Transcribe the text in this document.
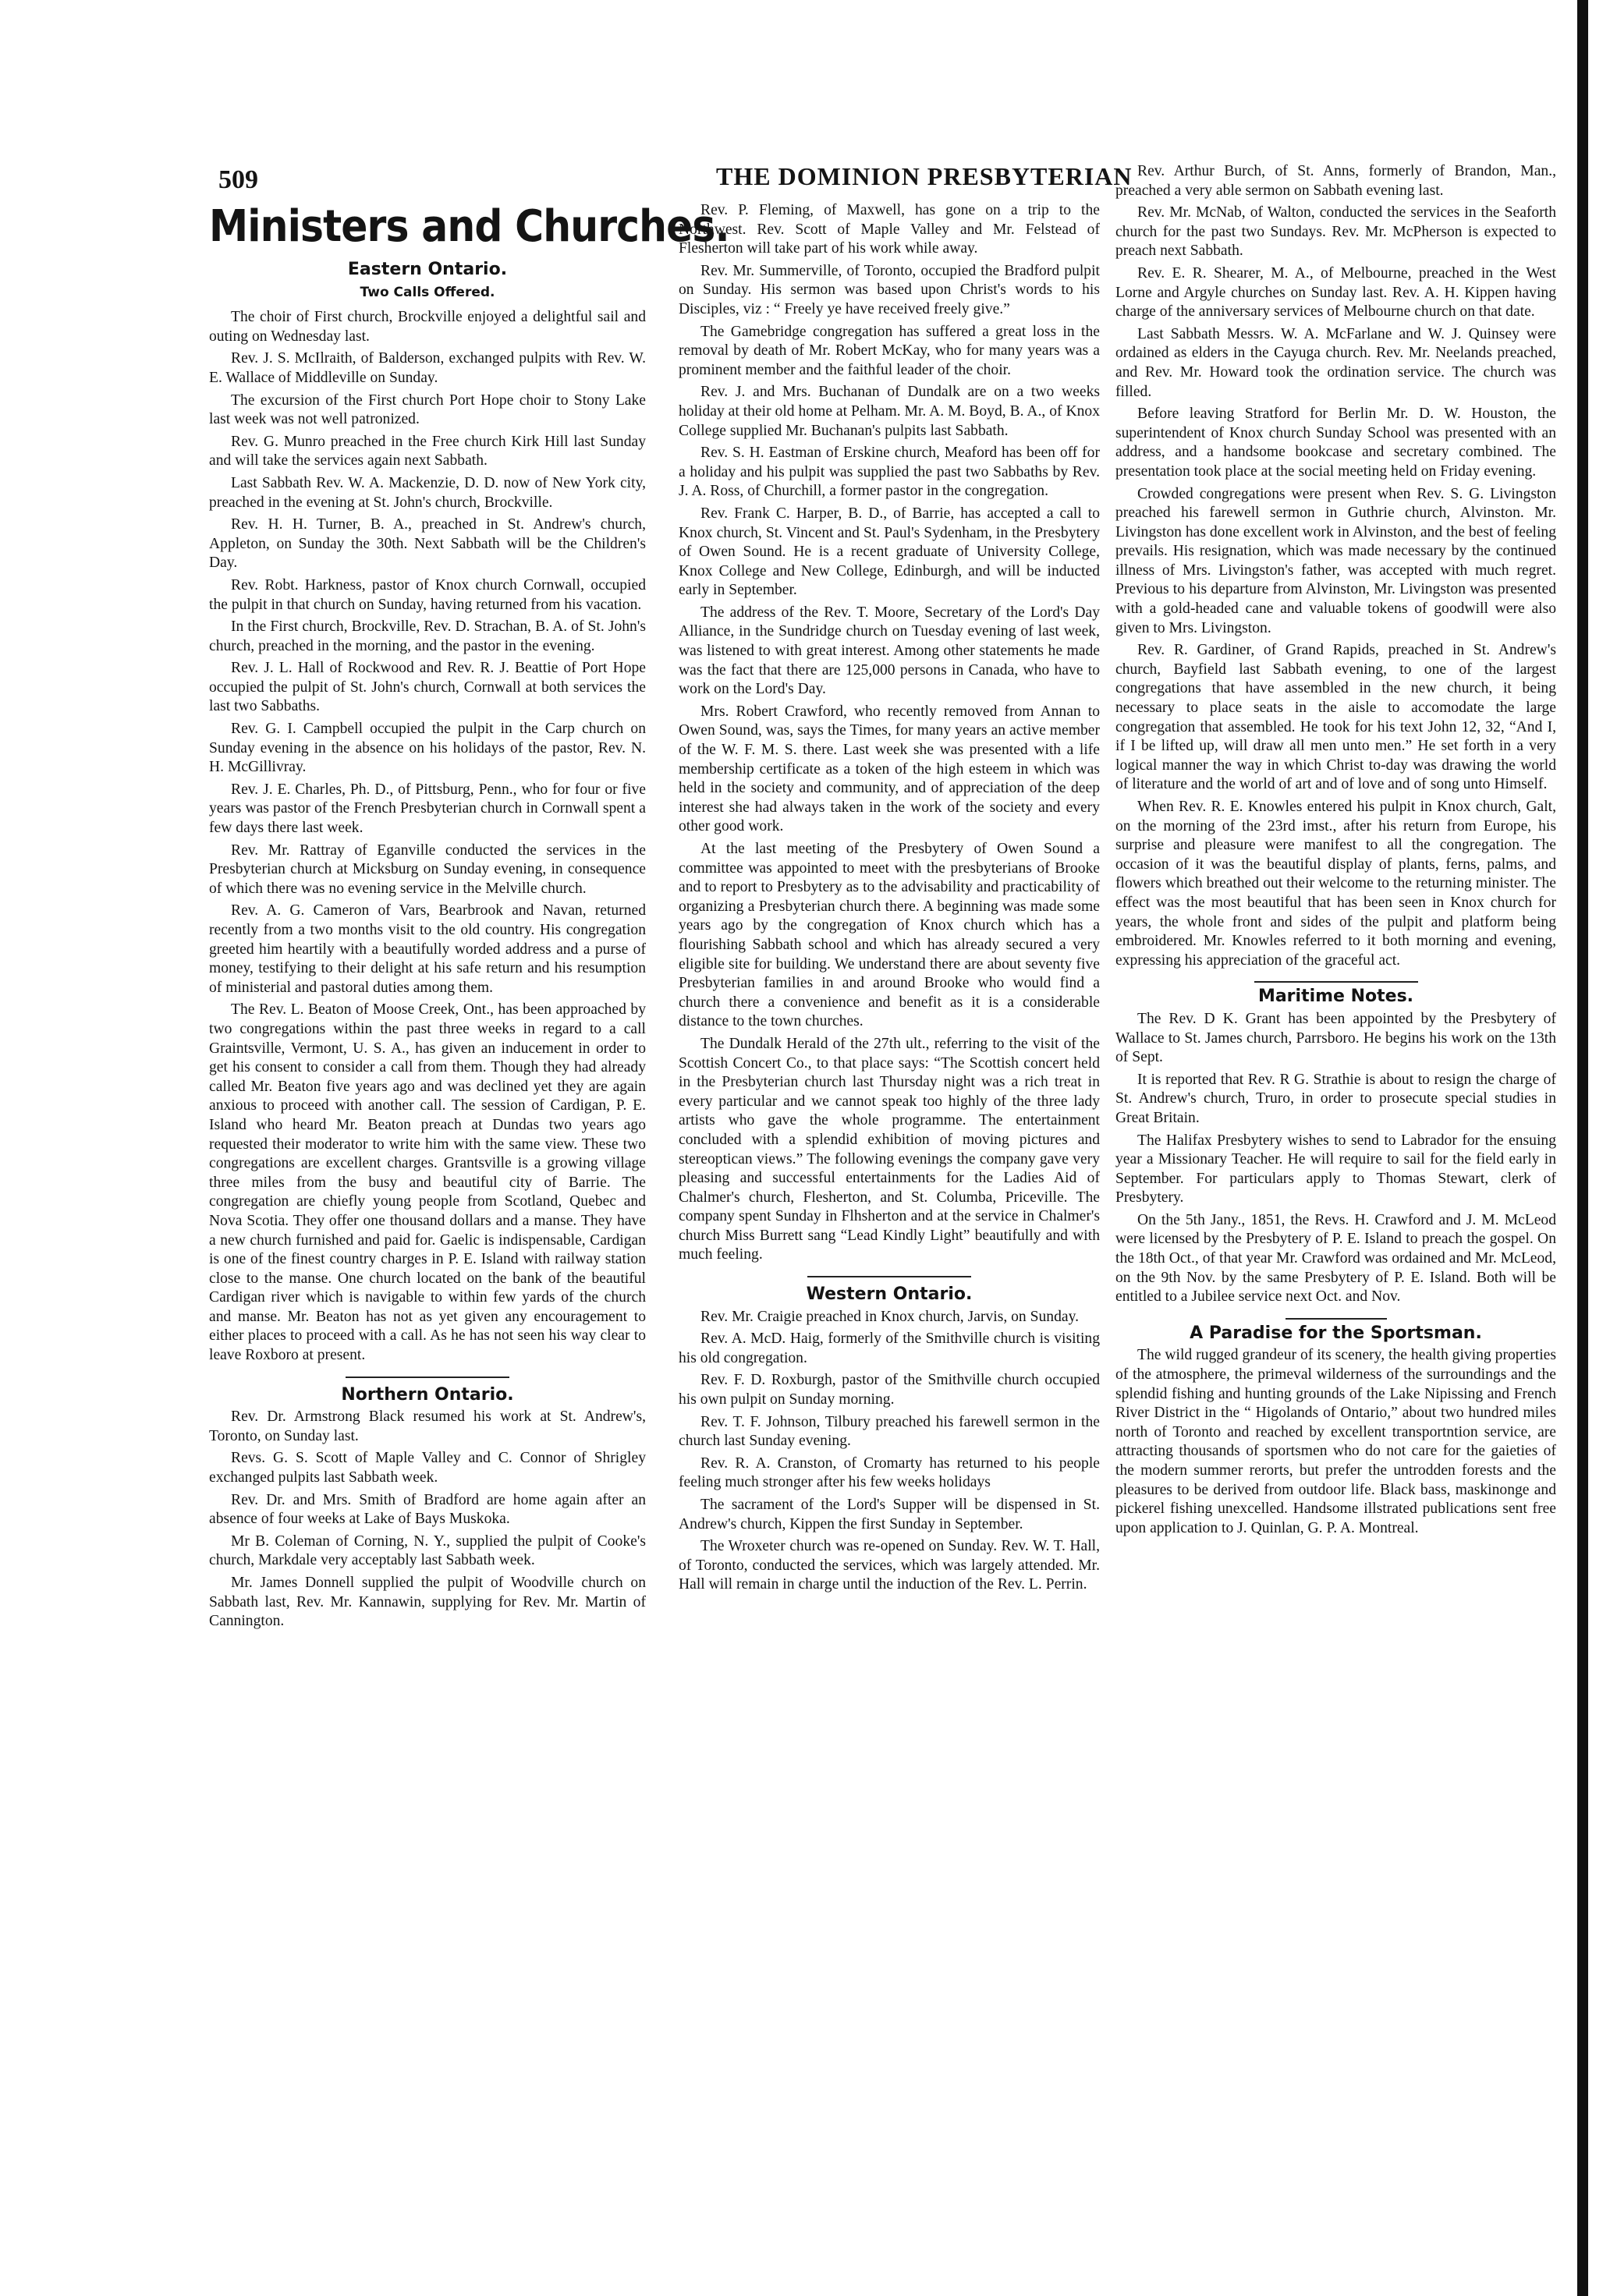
509	THE DOMINION PRESBYTERIAN
Ministers and Churches.
Eastern Ontario.
Two Calls Offered.

The choir of First church, Brockville enjoyed a delightful sail and outing on Wednesday last.

Rev. J. S. McIlraith, of Balderson, exchanged pulpits with Rev. W. E. Wallace of Middleville on Sunday.

The excursion of the First church Port Hope choir to Stony Lake last week was not well patronized.

Rev. G. Munro preached in the Free church Kirk Hill last Sunday and will take the services again next Sabbath.

Last Sabbath Rev. W. A. Mackenzie, D. D. now of New York city, preached in the evening at St. John's church, Brockville.

Rev. H. H. Turner, B. A., preached in St. Andrew's church, Appleton, on Sunday the 30th. Next Sabbath will be the Children's Day.

Rev. Robt. Harkness, pastor of Knox church Cornwall, occupied the pulpit in that church on Sunday, having returned from his vacation.

In the First church, Brockville, Rev. D. Strachan, B. A. of St. John's church, preached in the morning, and the pastor in the evening.

Rev. J. L. Hall of Rockwood and Rev. R. J. Beattie of Port Hope occupied the pulpit of St. John's church, Cornwall at both services the last two Sabbaths.

Rev. G. I. Campbell occupied the pulpit in the Carp church on Sunday evening in the absence on his holidays of the pastor, Rev. N. H. McGillivray.

Rev. J. E. Charles, Ph. D., of Pittsburg, Penn., who for four or five years was pastor of the French Presbyterian church in Cornwall spent a few days there last week.

Rev. Mr. Rattray of Eganville conducted the services in the Presbyterian church at Micksburg on Sunday evening, in consequence of which there was no evening service in the Melville church.

Rev. A. G. Cameron of Vars, Bearbrook and Navan, returned recently from a two months visit to the old country. His congregation greeted him heartily with a beautifully worded address and a purse of money, testifying to their delight at his safe return and his resumption of ministerial and pastoral duties among them.

The Rev. L. Beaton of Moose Creek, Ont., has been approached by two congregations within the past three weeks in regard to a call Graintsville, Vermont, U. S. A., has given an inducement in order to get his consent to consider a call from them. Though they had already called Mr. Beaton five years ago and was declined yet they are again anxious to proceed with another call. The session of Cardigan, P. E. Island who heard Mr. Beaton preach at Dundas two years ago requested their moderator to write him with the same view. These two congregations are excellent charges. Grantsville is a growing village three miles from the busy and beautiful city of Barrie. The congregation are chiefly young people from Scotland, Quebec and Nova Scotia. They offer one thousand dollars and a manse. They have a new church furnished and paid for. Gaelic is indispensable, Cardigan is one of the finest country charges in P. E. Island with railway station close to the manse. One church located on the bank of the beautiful Cardigan river which is navigable to within few yards of the church and manse. Mr. Beaton has not as yet given any encouragement to either places to proceed with a call. As he has not seen his way clear to leave Roxboro at present.

Northern Ontario.

Rev. Dr. Armstrong Black resumed his work at St. Andrew's, Toronto, on Sunday last.

Revs. G. S. Scott of Maple Valley and C. Connor of Shrigley exchanged pulpits last Sabbath week.

Rev. Dr. and Mrs. Smith of Bradford are home again after an absence of four weeks at Lake of Bays Muskoka.

Mr B. Coleman of Corning, N. Y., supplied the pulpit of Cooke's church, Markdale very acceptably last Sabbath week.

Mr. James Donnell supplied the pulpit of Woodville church on Sabbath last, Rev. Mr. Kannawin, supplying for Rev. Mr. Martin of Cannington.

Rev. P. Fleming, of Maxwell, has gone on a trip to the Northwest. Rev. Scott of Maple Valley and Mr. Felstead of Flesherton will take part of his work while away.

Rev. Mr. Summerville, of Toronto, occupied the Bradford pulpit on Sunday. His sermon was based upon Christ's words to his Disciples, viz : “ Freely ye have received freely give.”

The Gamebridge congregation has suffered a great loss in the removal by death of Mr. Robert McKay, who for many years was a prominent member and the faithful leader of the choir.

Rev. J. and Mrs. Buchanan of Dundalk are on a two weeks holiday at their old home at Pelham. Mr. A. M. Boyd, B. A., of Knox College supplied Mr. Buchanan's pulpits last Sabbath.

Rev. S. H. Eastman of Erskine church, Meaford has been off for a holiday and his pulpit was supplied the past two Sabbaths by Rev. J. A. Ross, of Churchill, a former pastor in the congregation.

Rev. Frank C. Harper, B. D., of Barrie, has accepted a call to Knox church, St. Vincent and St. Paul's Sydenham, in the Presbytery of Owen Sound. He is a recent graduate of University College, Knox College and New College, Edinburgh, and will be inducted early in September.

The address of the Rev. T. Moore, Secretary of the Lord's Day Alliance, in the Sundridge church on Tuesday evening of last week, was listened to with great interest. Among other statements he made was the fact that there are 125,000 persons in Canada, who have to work on the Lord's Day.

Mrs. Robert Crawford, who recently removed from Annan to Owen Sound, was, says the Times, for many years an active member of the W. F. M. S. there. Last week she was presented with a life membership certificate as a token of the high esteem in which was held in the society and community, and of appreciation of the deep interest she had always taken in the work of the society and every other good work.

At the last meeting of the Presbytery of Owen Sound a committee was appointed to meet with the presbyterians of Brooke and to report to Presbytery as to the advisability and practicability of organizing a Presbyterian church there. A beginning was made some years ago by the congregation of Knox church which has a flourishing Sabbath school and which has already secured a very eligible site for building. We understand there are about seventy five Presbyterian families in and around Brooke who would find a church there a convenience and benefit as it is a considerable distance to the town churches.

The Dundalk Herald of the 27th ult., referring to the visit of the Scottish Concert Co., to that place says: “The Scottish concert held in the Presbyterian church last Thursday night was a rich treat in every particular and we cannot speak too highly of the three lady artists who gave the whole programme. The entertainment concluded with a splendid exhibition of moving pictures and stereoptican views.” The following evenings the company gave very pleasing and successful entertainments for the Ladies Aid of Chalmer's church, Flesherton, and St. Columba, Priceville. The company spent Sunday in Flhsherton and at the service in Chalmer's church Miss Burrett sang “Lead Kindly Light” beautifully and with much feeling.

Western Ontario.

Rev. Mr. Craigie preached in Knox church, Jarvis, on Sunday.

Rev. A. McD. Haig, formerly of the Smithville church is visiting his old congregation.

Rev. F. D. Roxburgh, pastor of the Smithville church occupied his own pulpit on Sunday morning.

Rev. T. F. Johnson, Tilbury preached his farewell sermon in the church last Sunday evening.

Rev. R. A. Cranston, of Cromarty has returned to his people feeling much stronger after his few weeks holidays

The sacrament of the Lord's Supper will be dispensed in St. Andrew's church, Kippen the first Sunday in September.

The Wroxeter church was re-opened on Sunday. Rev. W. T. Hall, of Toronto, conducted the services, which was largely attended. Mr. Hall will remain in charge until the induction of the Rev. L. Perrin.

Rev. Arthur Burch, of St. Anns, formerly of Brandon, Man., preached a very able sermon on Sabbath evening last.

Rev. Mr. McNab, of Walton, conducted the services in the Seaforth church for the past two Sundays. Rev. Mr. McPherson is expected to preach next Sabbath.

Rev. E. R. Shearer, M. A., of Melbourne, preached in the West Lorne and Argyle churches on Sunday last. Rev. A. H. Kippen having charge of the anniversary services of Melbourne church on that date.

Last Sabbath Messrs. W. A. McFarlane and W. J. Quinsey were ordained as elders in the Cayuga church. Rev. Mr. Neelands preached, and Rev. Mr. Howard took the ordination service. The church was filled.

Before leaving Stratford for Berlin Mr. D. W. Houston, the superintendent of Knox church Sunday School was presented with an address, and a handsome bookcase and secretary combined. The presentation took place at the social meeting held on Friday evening.

Crowded congregations were present when Rev. S. G. Livingston preached his farewell sermon in Guthrie church, Alvinston. Mr. Livingston has done excellent work in Alvinston, and the best of feeling prevails. His resignation, which was made necessary by the continued illness of Mrs. Livingston's father, was accepted with much regret. Previous to his departure from Alvinston, Mr. Livingston was presented with a gold-headed cane and valuable tokens of goodwill were also given to Mrs. Livingston.

Rev. R. Gardiner, of Grand Rapids, preached in St. Andrew's church, Bayfield last Sabbath evening, to one of the largest congregations that have assembled in the new church, it being necessary to place seats in the aisle to accomodate the large congregation that assembled. He took for his text John 12, 32, “And I, if I be lifted up, will draw all men unto men.” He set forth in a very logical manner the way in which Christ to-day was drawing the world of literature and the world of art and of love and of song unto Himself.

When Rev. R. E. Knowles entered his pulpit in Knox church, Galt, on the morning of the 23rd imst., after his return from Europe, his surprise and pleasure were manifest to all the congregation. The occasion of it was the beautiful display of plants, ferns, palms, and flowers which breathed out their welcome to the returning minister. The effect was the most beautiful that has been seen in Knox church for years, the whole front and sides of the pulpit and platform being embroidered. Mr. Knowles referred to it both morning and evening, expressing his appreciation of the graceful act.

Maritime Notes.

The Rev. D K. Grant has been appointed by the Presbytery of Wallace to St. James church, Parrsboro. He begins his work on the 13th of Sept.

It is reported that Rev. R G. Strathie is about to resign the charge of St. Andrew's church, Truro, in order to prosecute special studies in Great Britain.

The Halifax Presbytery wishes to send to Labrador for the ensuing year a Missionary Teacher. He will require to sail for the field early in September. For particulars apply to Thomas Stewart, clerk of Presbytery.

On the 5th Jany., 1851, the Revs. H. Crawford and J. M. McLeod were licensed by the Presbytery of P. E. Island to preach the gospel. On the 18th Oct., of that year Mr. Crawford was ordained and Mr. McLeod, on the 9th Nov. by the same Presbytery of P. E. Island. Both will be entitled to a Jubilee service next Oct. and Nov.

A Paradise for the Sportsman.

The wild rugged grandeur of its scenery, the health giving properties of the atmosphere, the primeval wilderness of the surroundings and the splendid fishing and hunting grounds of the Lake Nipissing and French River District in the “ Higolands of Ontario,” about two hundred miles north of Toronto and reached by excellent transportntion service, are attracting thousands of sportsmen who do not care for the gaieties of the modern summer rerorts, but prefer the untrodden forests and the pleasures to be derived from outdoor life. Black bass, maskinonge and pickerel fishing unexcelled. Handsome illstrated publications sent free upon application to J. Quinlan, G. P. A. Montreal.
